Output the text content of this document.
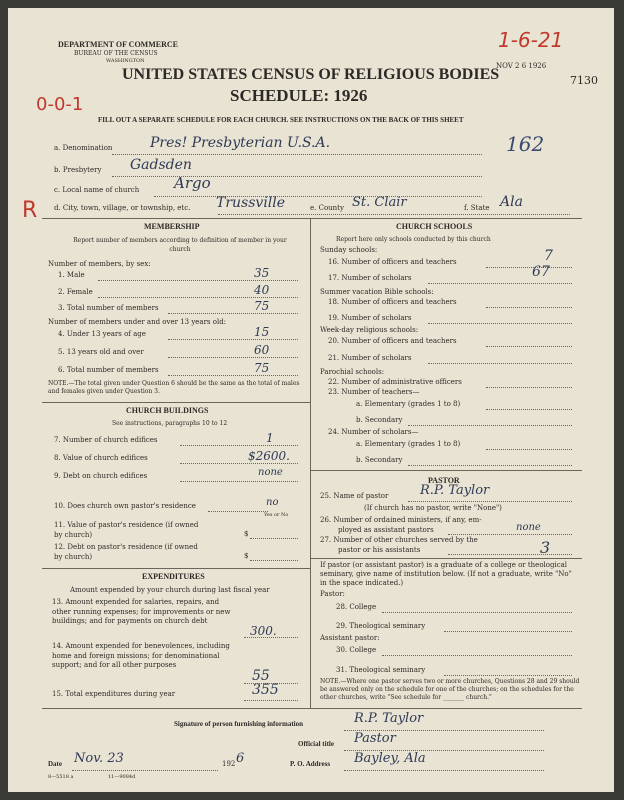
DEPARTMENT OF COMMERCE
BUREAU OF THE CENSUS
WASHINGTON
UNITED STATES CENSUS OF RELIGIOUS BODIES
SCHEDULE: 1926
FILL OUT A SEPARATE SCHEDULE FOR EACH CHURCH. SEE INSTRUCTIONS ON THE BACK OF THIS SHEET
1-6-21
NOV 2 6 1926
7130
0-0-1
R
a. Denomination	Pres! Presbyterian U.S.A.	162
b. Presbytery Gadsden
c. Local name of church Argo
d. City, town, village, or township, etc. Trussville	e. County St. Clair	f. State Ala
MEMBERSHIP
Report number of members according to definition of member in your church
Number of members, by sex:
1. Male	35
2. Female	40
3. Total number of members	75
Number of members under and over 13 years old:
4. Under 13 years of age	15
5. 13 years old and over	60
6. Total number of members	75
NOTE.—The total given under Question 6 should be the same as the total of males and females given under Question 3.
CHURCH BUILDINGS
See instructions, paragraphs 10 to 12
7. Number of church edifices	1
8. Value of church edifices	$2600.
9. Debt on church edifices	none
10. Does church own pastor's residence	no
Yes or No
11. Value of pastor's residence (if owned by church)	$
12. Debt on pastor's residence (if owned by church)	$
EXPENDITURES
Amount expended by your church during last fiscal year
13. Amount expended for salaries, repairs, and other running expenses; for improvements or new buildings; and for payments on church debt
300.
14. Amount expended for benevolences, including home and foreign missions; for denominational support; and for all other purposes
55
15. Total expenditures during year	355
CHURCH SCHOOLS
Report here only schools conducted by this church
Sunday schools:
16. Number of officers and teachers	7
17. Number of scholars	67
Summer vacation Bible schools:
18. Number of officers and teachers
19. Number of scholars
Week-day religious schools:
20. Number of officers and teachers
21. Number of scholars
Parochial schools:
22. Number of administrative officers
23. Number of teachers—
a. Elementary (grades 1 to 8)
b. Secondary
24. Number of scholars—
a. Elementary (grades 1 to 8)
b. Secondary
PASTOR
25. Name of pastor R.P. Taylor
(If church has no pastor, write "None")
26. Number of ordained ministers, if any, em-
ployed as assistant pastors	none
27. Number of other churches served by the
pastor or his assistants	3
If pastor (or assistant pastor) is a graduate of a college or theological seminary, give name of institution below. (If not a graduate, write "No" in the space indicated.)
Pastor:
28. College
29. Theological seminary
Assistant pastor:
30. College
31. Theological seminary
NOTE.—Where one pastor serves two or more churches, Questions 28 and 29 should be answered only on the schedule for one of the churches; on the schedules for the other churches, write "See schedule for _______ church."
Signature of person furnishing information	R.P. Taylor
Official title Pastor
Date Nov. 23	192 6	P. O. Address Bayley, Ala
8—5518 a	11—9084d
